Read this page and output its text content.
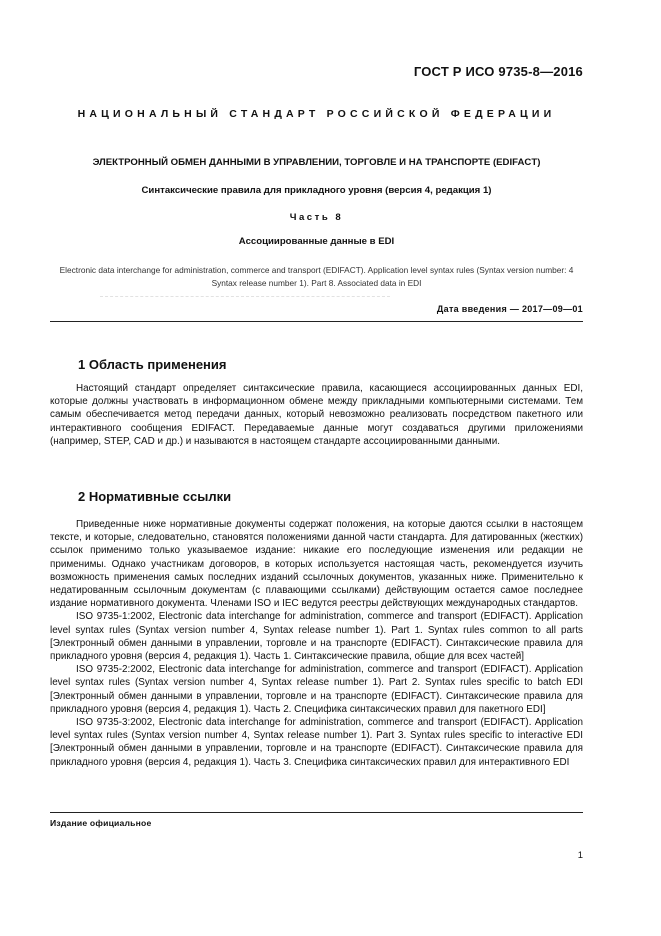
ГОСТ Р ИСО 9735-8—2016
НАЦИОНАЛЬНЫЙ СТАНДАРТ РОССИЙСКОЙ ФЕДЕРАЦИИ
ЭЛЕКТРОННЫЙ ОБМЕН ДАННЫМИ В УПРАВЛЕНИИ, ТОРГОВЛЕ И НА ТРАНСПОРТЕ (EDIFACT)
Синтаксические правила для прикладного уровня (версия 4, редакция 1)
Часть 8
Ассоциированные данные в EDI
Electronic data interchange for administration, commerce and transport (EDIFACT). Application level syntax rules (Syntax version number: 4 Syntax release number 1). Part 8. Associated data in EDI
Дата введения — 2017—09—01
1 Область применения

Настоящий стандарт определяет синтаксические правила, касающиеся ассоциированных данных EDI, которые должны участвовать в информационном обмене между прикладными компьютерными системами. Тем самым обеспечивается метод передачи данных, который невозможно реализовать посредством пакетного или интерактивного сообщения EDIFACT. Передаваемые данные могут создаваться другими приложениями (например, STEP, CAD и др.) и называются в настоящем стандарте ассоциированными данными.

2 Нормативные ссылки

Приведенные ниже нормативные документы содержат положения, на которые даются ссылки в настоящем тексте, и которые, следовательно, становятся положениями данной части стандарта. Для датированных (жестких) ссылок применимо только указываемое издание: никакие его последующие изменения или редакции не применимы. Однако участникам договоров, в которых используется настоящая часть, рекомендуется изучить возможность применения самых последних изданий ссылочных документов, указанных ниже. Применительно к недатированным ссылочным документам (с плавающими ссылками) действующим остается самое последнее издание нормативного документа. Членами ISO и IEC ведутся реестры действующих международных стандартов.

ISO 9735-1:2002, Electronic data interchange for administration, commerce and transport (EDIFACT). Application level syntax rules (Syntax version number 4, Syntax release number 1). Part 1. Syntax rules common to all parts [Электронный обмен данными в управлении, торговле и на транспорте (EDIFACT). Синтаксические правила для прикладного уровня (версия 4, редакция 1). Часть 1. Синтаксические правила, общие для всех частей]

ISO 9735-2:2002, Electronic data interchange for administration, commerce and transport (EDIFACT). Application level syntax rules (Syntax version number 4, Syntax release number 1). Part 2. Syntax rules specific to batch EDI [Электронный обмен данными в управлении, торговле и на транспорте (EDIFACT). Синтаксические правила для прикладного уровня (версия 4, редакция 1). Часть 2. Специфика синтаксических правил для пакетного EDI]

ISO 9735-3:2002, Electronic data interchange for administration, commerce and transport (EDIFACT). Application level syntax rules (Syntax version number 4, Syntax release number 1). Part 3. Syntax rules specific to interactive EDI [Электронный обмен данными в управлении, торговле и на транспорте (EDIFACT). Синтаксические правила для прикладного уровня (версия 4, редакция 1). Часть 3. Специфика синтаксических правил для интерактивного EDI

Издание официальное
1
